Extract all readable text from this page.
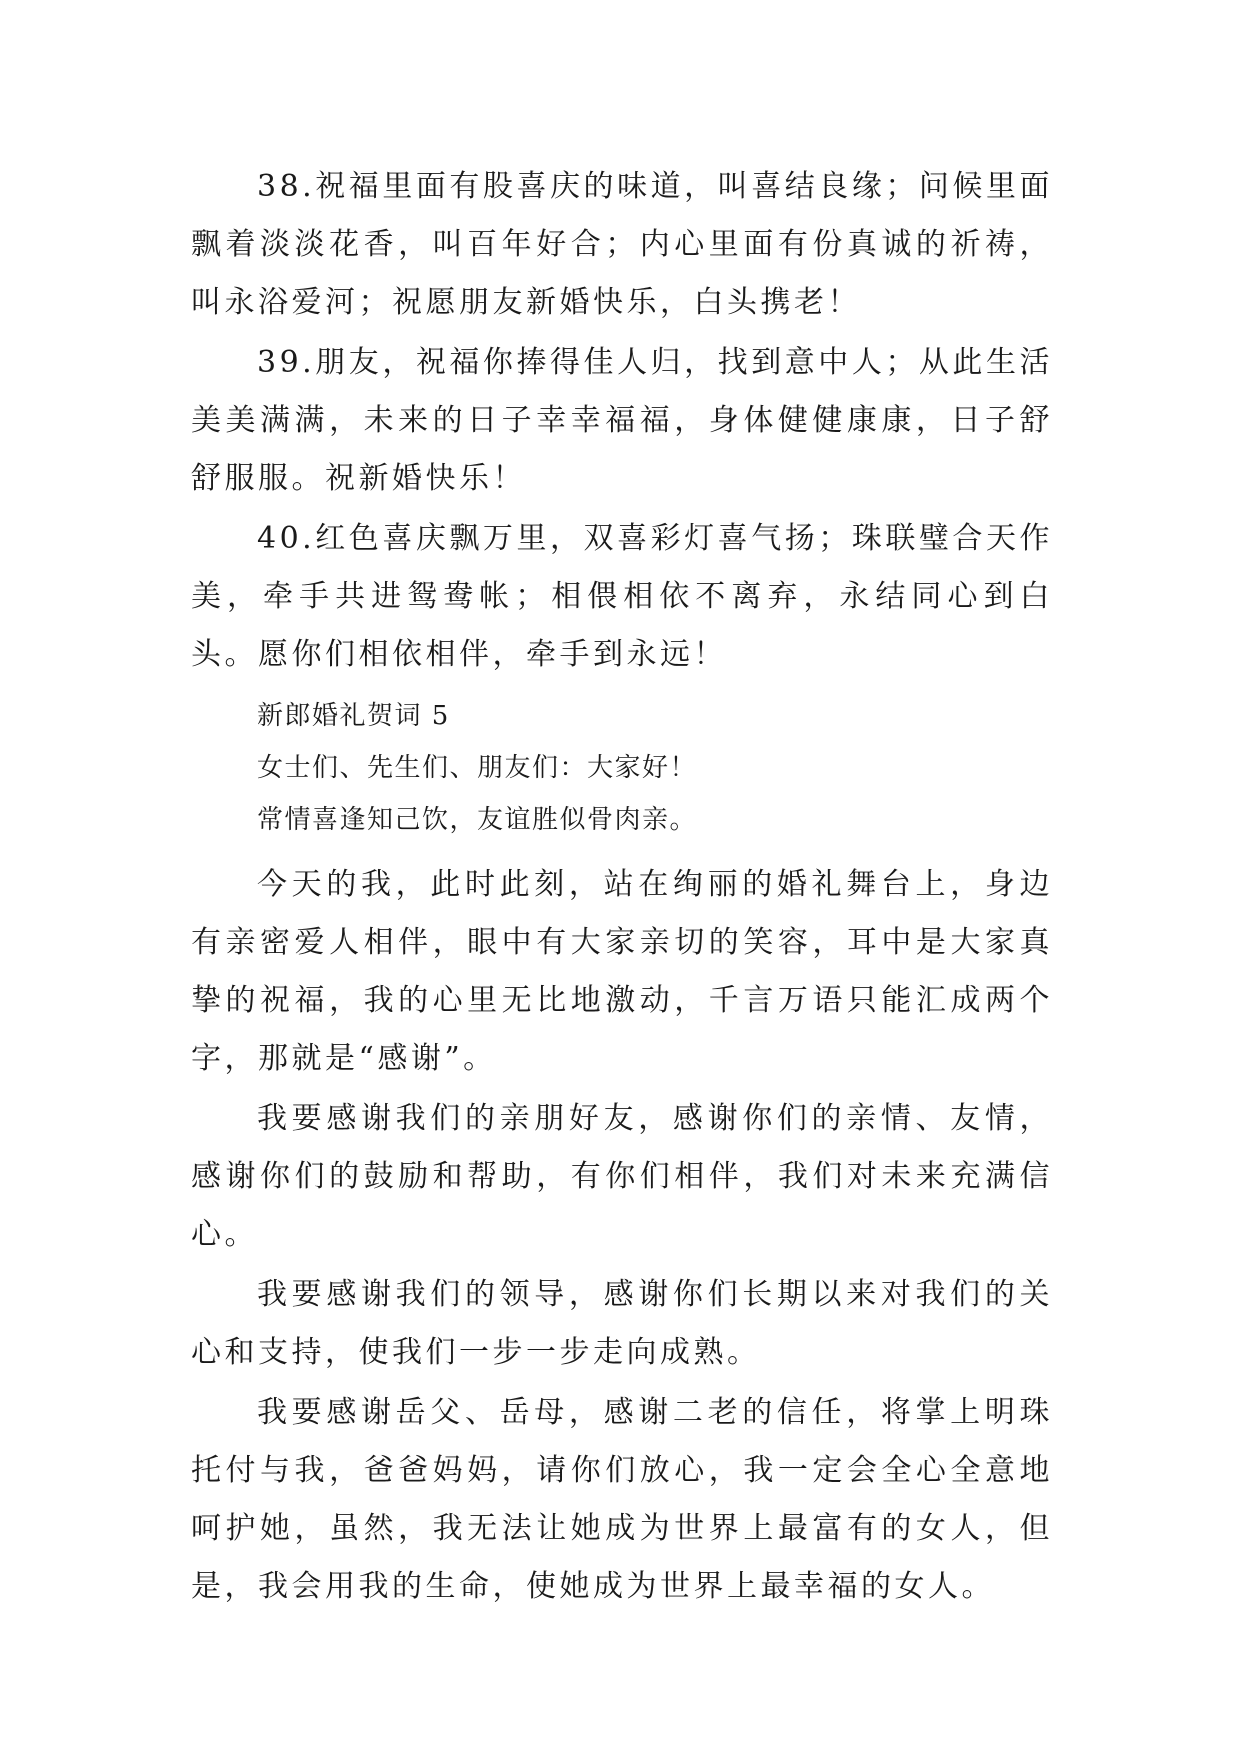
38.祝福里面有股喜庆的味道，叫喜结良缘；问候里面飘着淡淡花香，叫百年好合；内心里面有份真诚的祈祷，叫永浴爱河；祝愿朋友新婚快乐，白头携老！

39.朋友，祝福你捧得佳人归，找到意中人；从此生活美美满满，未来的日子幸幸福福，身体健健康康，日子舒舒服服。祝新婚快乐！

40.红色喜庆飘万里，双喜彩灯喜气扬；珠联璧合天作美，牵手共进鸳鸯帐；相偎相依不离弃，永结同心到白头。愿你们相依相伴，牵手到永远！

新郎婚礼贺词 5

女士们、先生们、朋友们：大家好！

常情喜逢知己饮，友谊胜似骨肉亲。

今天的我，此时此刻，站在绚丽的婚礼舞台上，身边有亲密爱人相伴，眼中有大家亲切的笑容，耳中是大家真挚的祝福，我的心里无比地激动，千言万语只能汇成两个字，那就是“感谢”。

我要感谢我们的亲朋好友，感谢你们的亲情、友情，感谢你们的鼓励和帮助，有你们相伴，我们对未来充满信心。

我要感谢我们的领导，感谢你们长期以来对我们的关心和支持，使我们一步一步走向成熟。

我要感谢岳父、岳母，感谢二老的信任，将掌上明珠托付与我，爸爸妈妈，请你们放心，我一定会全心全意地呵护她，虽然，我无法让她成为世界上最富有的女人，但是，我会用我的生命，使她成为世界上最幸福的女人。
